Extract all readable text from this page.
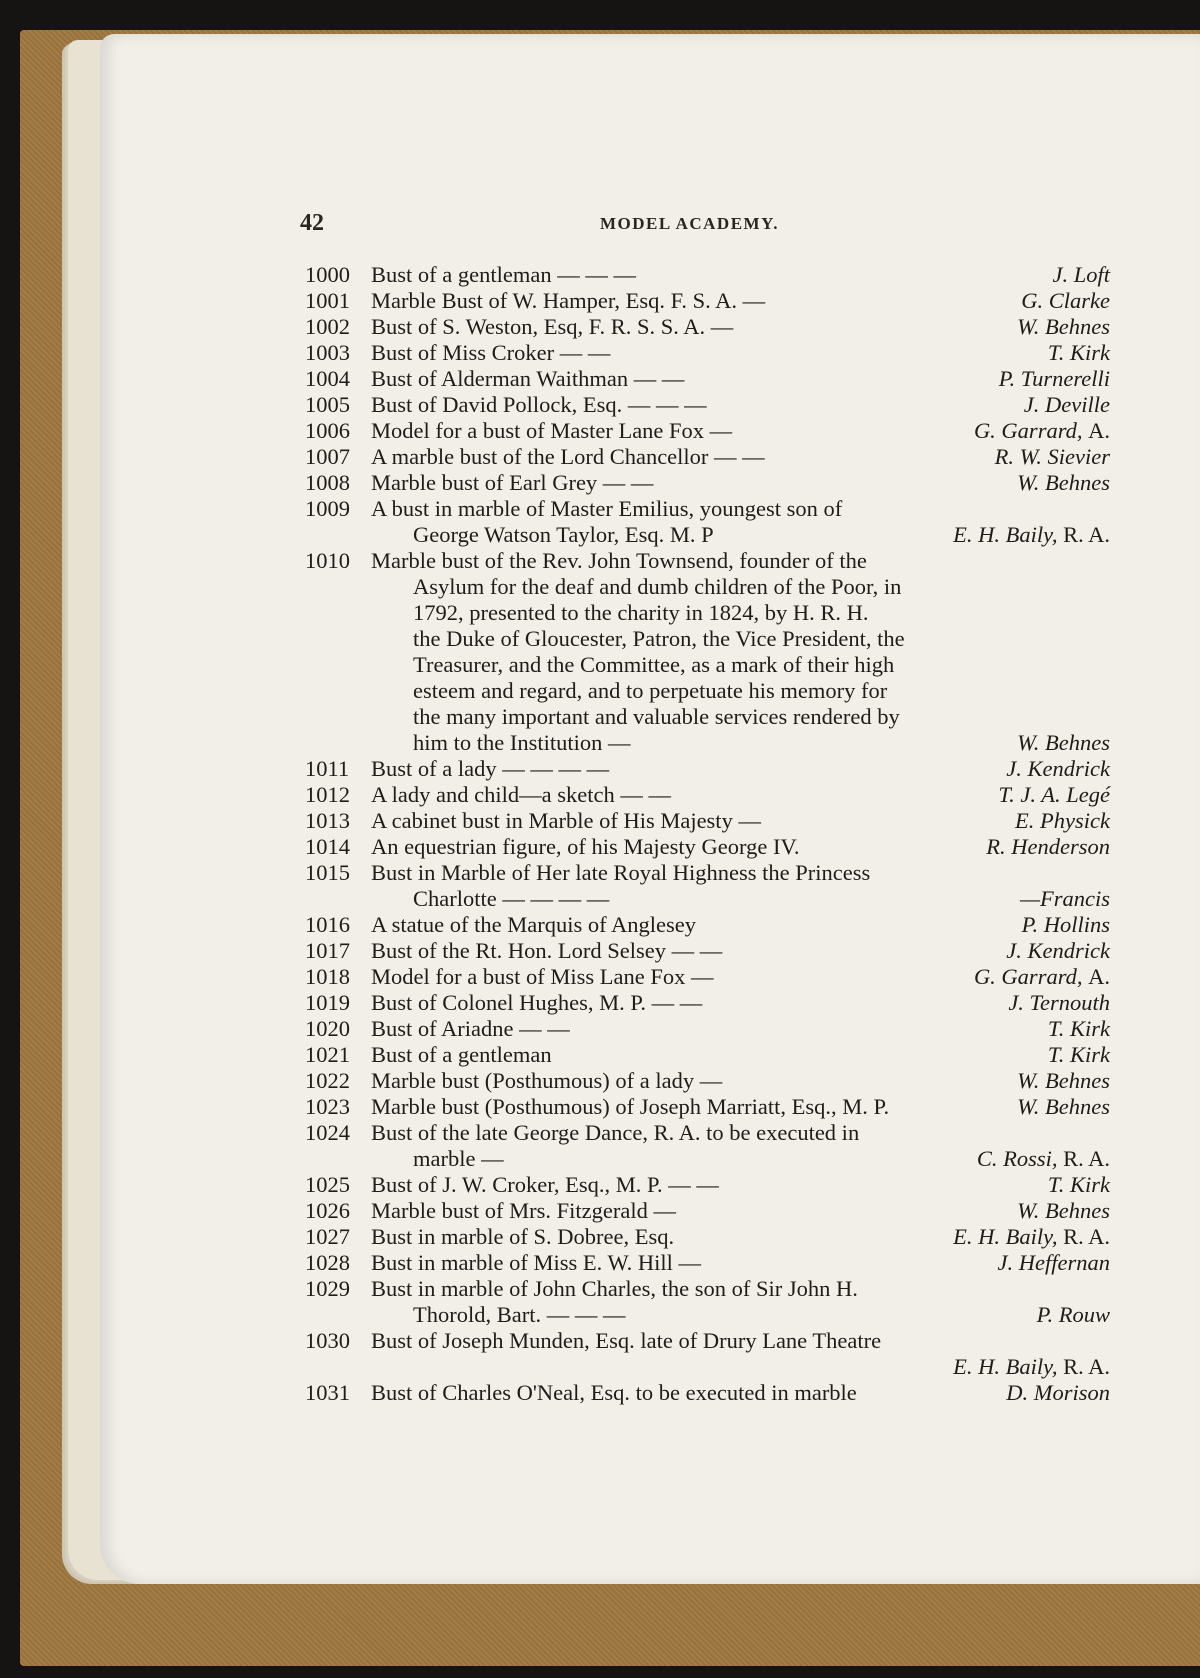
42	MODEL ACADEMY.
1000 Bust of a gentleman — — —	J. Loft
1001 Marble Bust of W. Hamper, Esq. F. S. A. —	G. Clarke
1002 Bust of S. Weston, Esq, F. R. S. S. A. —	W. Behnes
1003 Bust of Miss Croker — —	T. Kirk
1004 Bust of Alderman Waithman — —	P. Turnerelli
1005 Bust of David Pollock, Esq. — — —	J. Deville
1006 Model for a bust of Master Lane Fox —	G. Garrard, A.
1007 A marble bust of the Lord Chancellor — —	R. W. Sievier
1008 Marble bust of Earl Grey — —	W. Behnes
1009 A bust in marble of Master Emilius, youngest son of
George Watson Taylor, Esq. M. P	E. H. Baily, R. A.
1010 Marble bust of the Rev. John Townsend, founder of the
Asylum for the deaf and dumb children of the Poor, in
1792, presented to the charity in 1824, by H. R. H.
the Duke of Gloucester, Patron, the Vice President, the
Treasurer, and the Committee, as a mark of their high
esteem and regard, and to perpetuate his memory for
the many important and valuable services rendered by
him to the Institution —	W. Behnes
1011 Bust of a lady — — — —	J. Kendrick
1012 A lady and child—a sketch — —	T. J. A. Legé
1013 A cabinet bust in Marble of His Majesty —	E. Physick
1014 An equestrian figure, of his Majesty George IV.	R. Henderson
1015 Bust in Marble of Her late Royal Highness the Princess
Charlotte — — — —	—Francis
1016 A statue of the Marquis of Anglesey	P. Hollins
1017 Bust of the Rt. Hon. Lord Selsey — —	J. Kendrick
1018 Model for a bust of Miss Lane Fox —	G. Garrard, A.
1019 Bust of Colonel Hughes, M. P. — —	J. Ternouth
1020 Bust of Ariadne — —	T. Kirk
1021 Bust of a gentleman	T. Kirk
1022 Marble bust (Posthumous) of a lady —	W. Behnes
1023 Marble bust (Posthumous) of Joseph Marriatt, Esq., M. P.	W. Behnes
1024 Bust of the late George Dance, R. A. to be executed in
marble —	C. Rossi, R. A.
1025 Bust of J. W. Croker, Esq., M. P. — —	T. Kirk
1026 Marble bust of Mrs. Fitzgerald —	W. Behnes
1027 Bust in marble of S. Dobree, Esq.	E. H. Baily, R. A.
1028 Bust in marble of Miss E. W. Hill —	J. Heffernan
1029 Bust in marble of John Charles, the son of Sir John H.
Thorold, Bart. — — —	P. Rouw
1030 Bust of Joseph Munden, Esq. late of Drury Lane Theatre
E. H. Baily, R. A.
1031 Bust of Charles O'Neal, Esq. to be executed in marble	D. Morison
